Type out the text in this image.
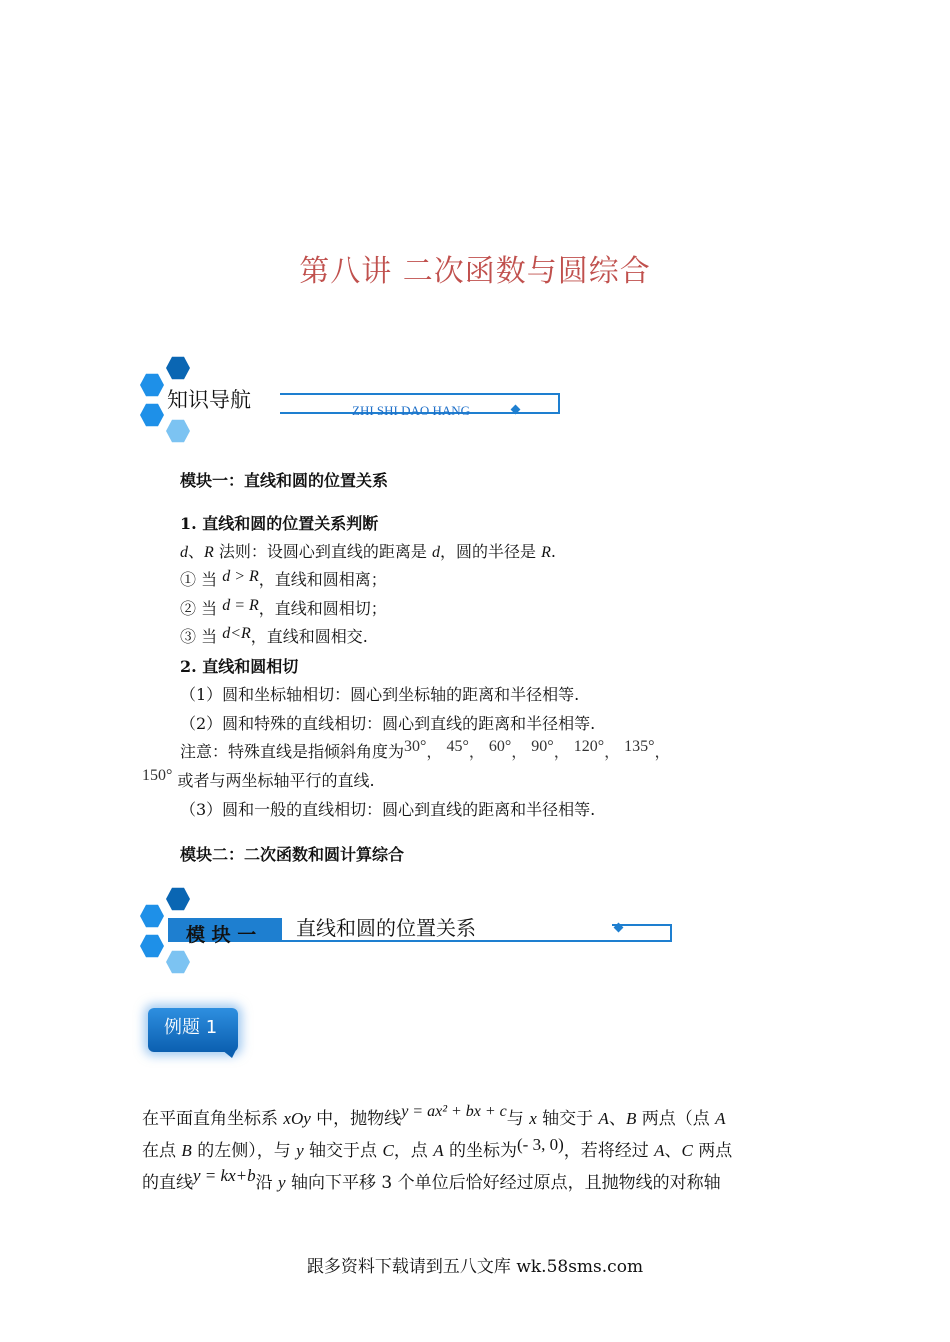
第八讲 二次函数与圆综合
知识导航	ZHI SHI DAO HANG
模块一：直线和圆的位置关系
1. 直线和圆的位置关系判断
d、R 法则：设圆心到直线的距离是 d，圆的半径是 R.
① 当 d > R，直线和圆相离；
② 当 d = R，直线和圆相切；
③ 当 d<R，直线和圆相交.
2. 直线和圆相切
（1）圆和坐标轴相切：圆心到坐标轴的距离和半径相等.
（2）圆和特殊的直线相切：圆心到直线的距离和半径相等.
注意：特殊直线是指倾斜角度为30°， 45°， 60°， 90°， 120°， 135°，
150° 或者与两坐标轴平行的直线.
（3）圆和一般的直线相切：圆心到直线的距离和半径相等.
模块二：二次函数和圆计算综合
模 块 一 直线和圆的位置关系
例题 1
在平面直角坐标系 xOy 中，抛物线y = ax² + bx + c与 x 轴交于 A、B 两点（点 A
在点 B 的左侧），与 y 轴交于点 C，点 A 的坐标为(- 3, 0)，若将经过 A、C 两点
的直线y = kx+b沿 y 轴向下平移 3 个单位后恰好经过原点，且抛物线的对称轴
跟多资料下载请到五八文库 wk.58sms.com
